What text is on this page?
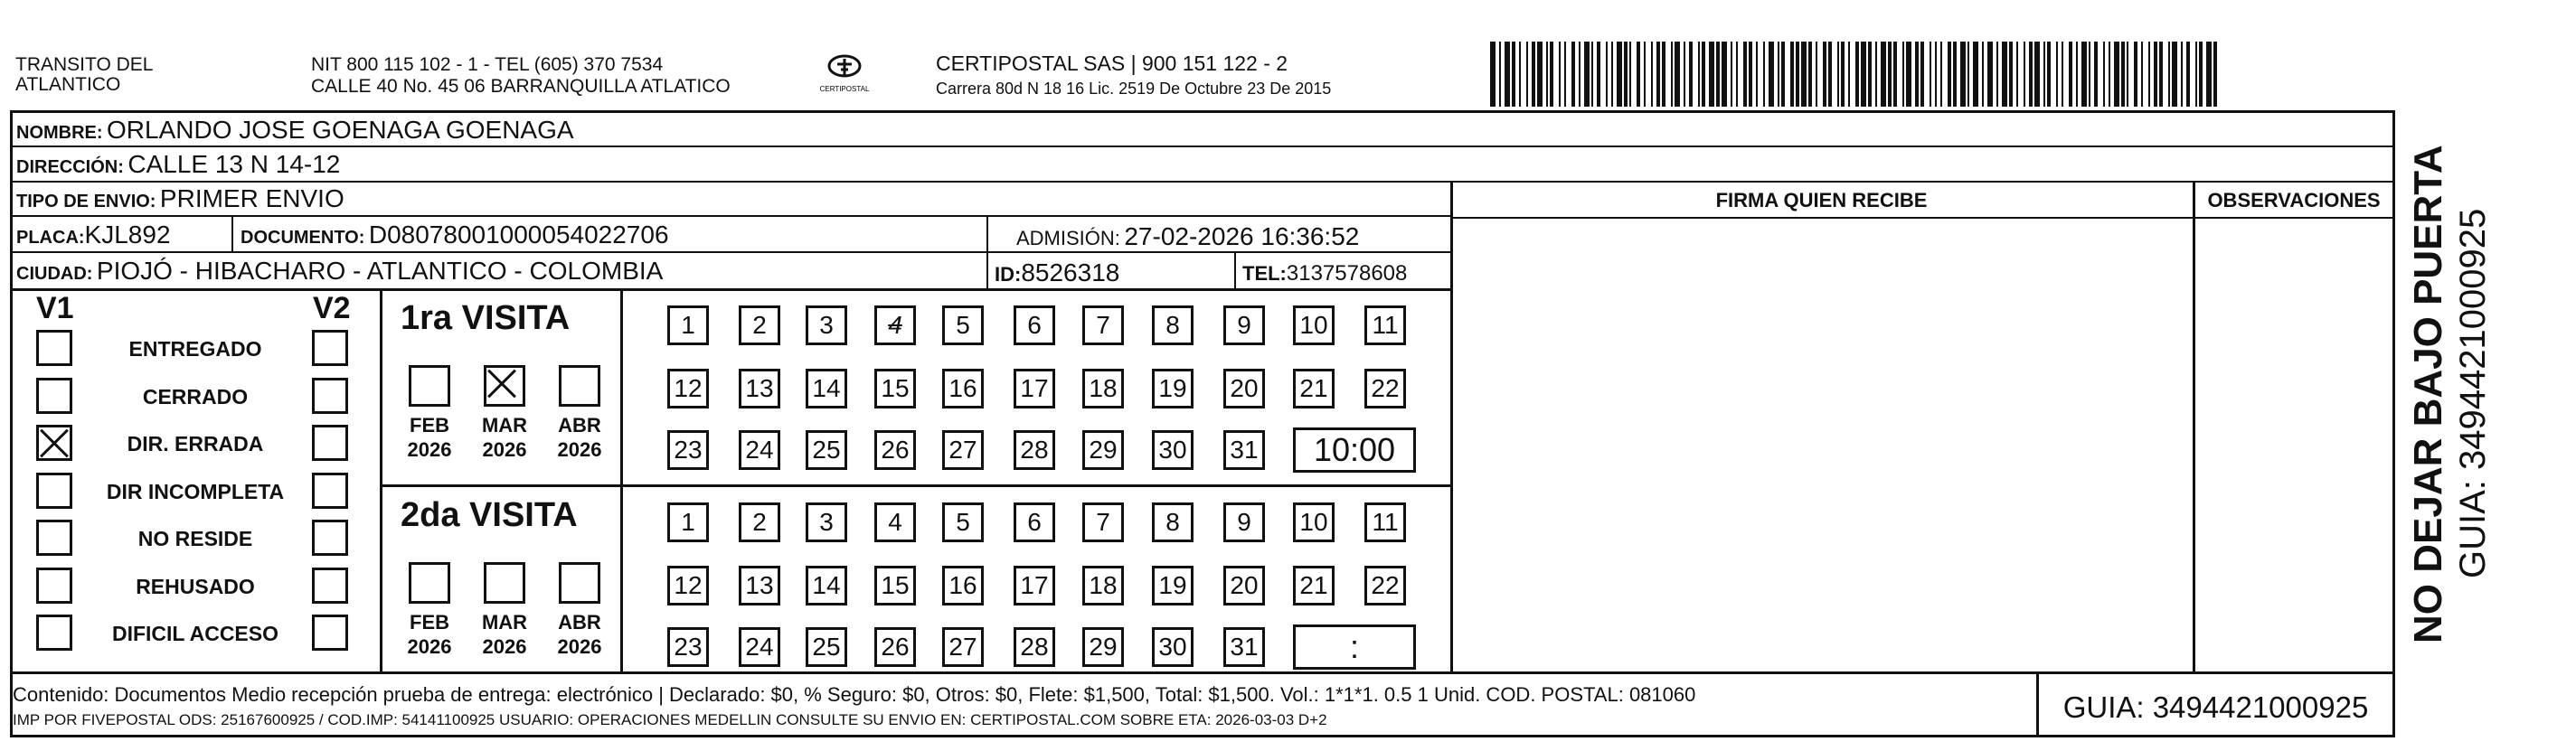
TRANSITO DEL
ATLANTICO
NIT 800 115 102 - 1 - TEL (605) 370 7534
CALLE 40 No. 45 06 BARRANQUILLA ATLATICO	CERTIPOSTAL
CERTIPOSTAL SAS | 900 151 122 - 2
Carrera 80d N 18 16 Lic. 2519 De Octubre 23 De 2015
NOMBRE: ORLANDO JOSE GOENAGA GOENAGA
DIRECCIÓN: CALLE 13 N 14-12
TIPO DE ENVIO: PRIMER ENVIO
PLACA:KJL892	DOCUMENTO: D08078001000054022706	ADMISIÓN: 27-02-2026 16:36:52
CIUDAD: PIOJÓ - HIBACHARO - ATLANTICO - COLOMBIA	ID:8526318	TEL:3137578608
FIRMA QUIEN RECIBE	OBSERVACIONES
V1	V2
ENTREGADO
CERRADO
DIR. ERRADA
DIR INCOMPLETA
NO RESIDE
REHUSADO
DIFICIL ACCESO
1ra VISITA
FEB
2026
MAR
2026
ABR
2026
1	2	3	4	5	6	7	8	9	10	11
12 13 14 15 16 17 18 19 20 21 22
23 24 25 26 27 28 29 30 31	10:00
2da VISITA
FEB
2026
MAR
2026
ABR
2026
1	2	3	4	5	6	7	8	9	10	11
12 13 14 15 16 17 18 19 20 21 22
23 24 25 26 27 28 29 30 31	:
Contenido: Documentos Medio recepción prueba de entrega: electrónico | Declarado: $0, % Seguro: $0, Otros: $0, Flete: $1,500, Total: $1,500. Vol.: 1*1*1. 0.5 1 Unid. COD. POSTAL: 081060
IMP POR FIVEPOSTAL ODS: 25167600925 / COD.IMP: 54141100925 USUARIO: OPERACIONES MEDELLIN CONSULTE SU ENVIO EN: CERTIPOSTAL.COM SOBRE ETA: 2026-03-03 D+2	GUIA: 3494421000925
NO DEJAR BAJO PUERTA GUIA: 3494421000925
